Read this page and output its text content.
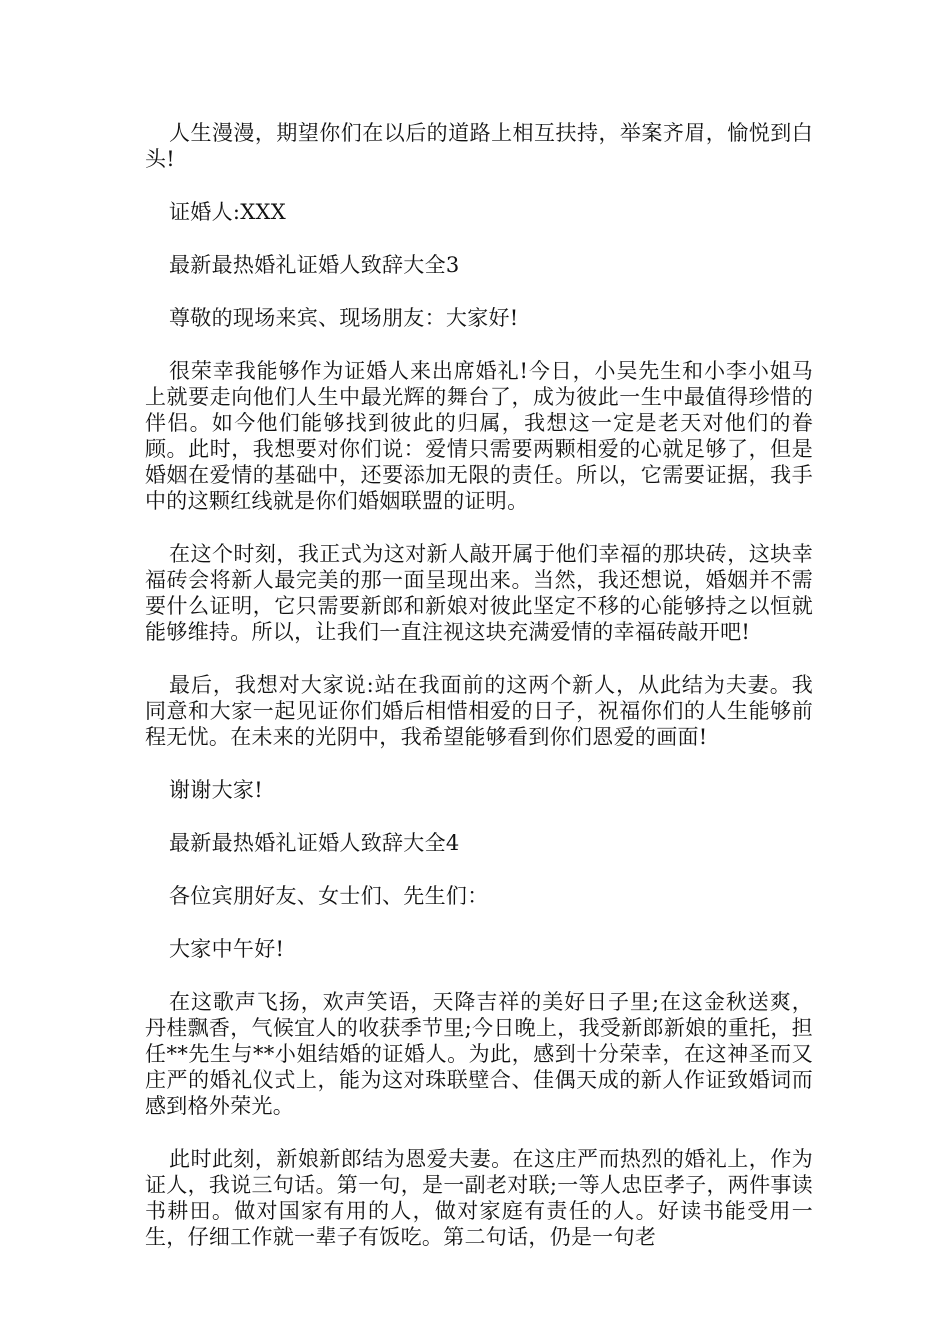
人生漫漫，期望你们在以后的道路上相互扶持，举案齐眉，愉悦到白头!

证婚人:XXX

最新最热婚礼证婚人致辞大全3

尊敬的现场来宾、现场朋友：大家好!

很荣幸我能够作为证婚人来出席婚礼!今日，小吴先生和小李小姐马上就要走向他们人生中最光辉的舞台了，成为彼此一生中最值得珍惜的伴侣。如今他们能够找到彼此的归属，我想这一定是老天对他们的眷顾。此时，我想要对你们说：爱情只需要两颗相爱的心就足够了，但是婚姻在爱情的基础中，还要添加无限的责任。所以，它需要证据，我手中的这颗红线就是你们婚姻联盟的证明。

在这个时刻，我正式为这对新人敲开属于他们幸福的那块砖，这块幸福砖会将新人最完美的那一面呈现出来。当然，我还想说，婚姻并不需要什么证明，它只需要新郎和新娘对彼此坚定不移的心能够持之以恒就能够维持。所以，让我们一直注视这块充满爱情的幸福砖敲开吧!

最后，我想对大家说:站在我面前的这两个新人，从此结为夫妻。我同意和大家一起见证你们婚后相惜相爱的日子，祝福你们的人生能够前程无忧。在未来的光阴中，我希望能够看到你们恩爱的画面!

谢谢大家!

最新最热婚礼证婚人致辞大全4

各位宾朋好友、女士们、先生们：

大家中午好!

在这歌声飞扬，欢声笑语，天降吉祥的美好日子里;在这金秋送爽，丹桂飘香，气候宜人的收获季节里;今日晚上，我受新郎新娘的重托，担任**先生与**小姐结婚的证婚人。为此，感到十分荣幸，在这神圣而又庄严的婚礼仪式上，能为这对珠联壁合、佳偶天成的新人作证致婚词而感到格外荣光。

此时此刻，新娘新郎结为恩爱夫妻。在这庄严而热烈的婚礼上，作为证人，我说三句话。第一句，是一副老对联;一等人忠臣孝子，两件事读书耕田。做对国家有用的人，做对家庭有责任的人。好读书能受用一生，仔细工作就一辈子有饭吃。第二句话，仍是一句老
